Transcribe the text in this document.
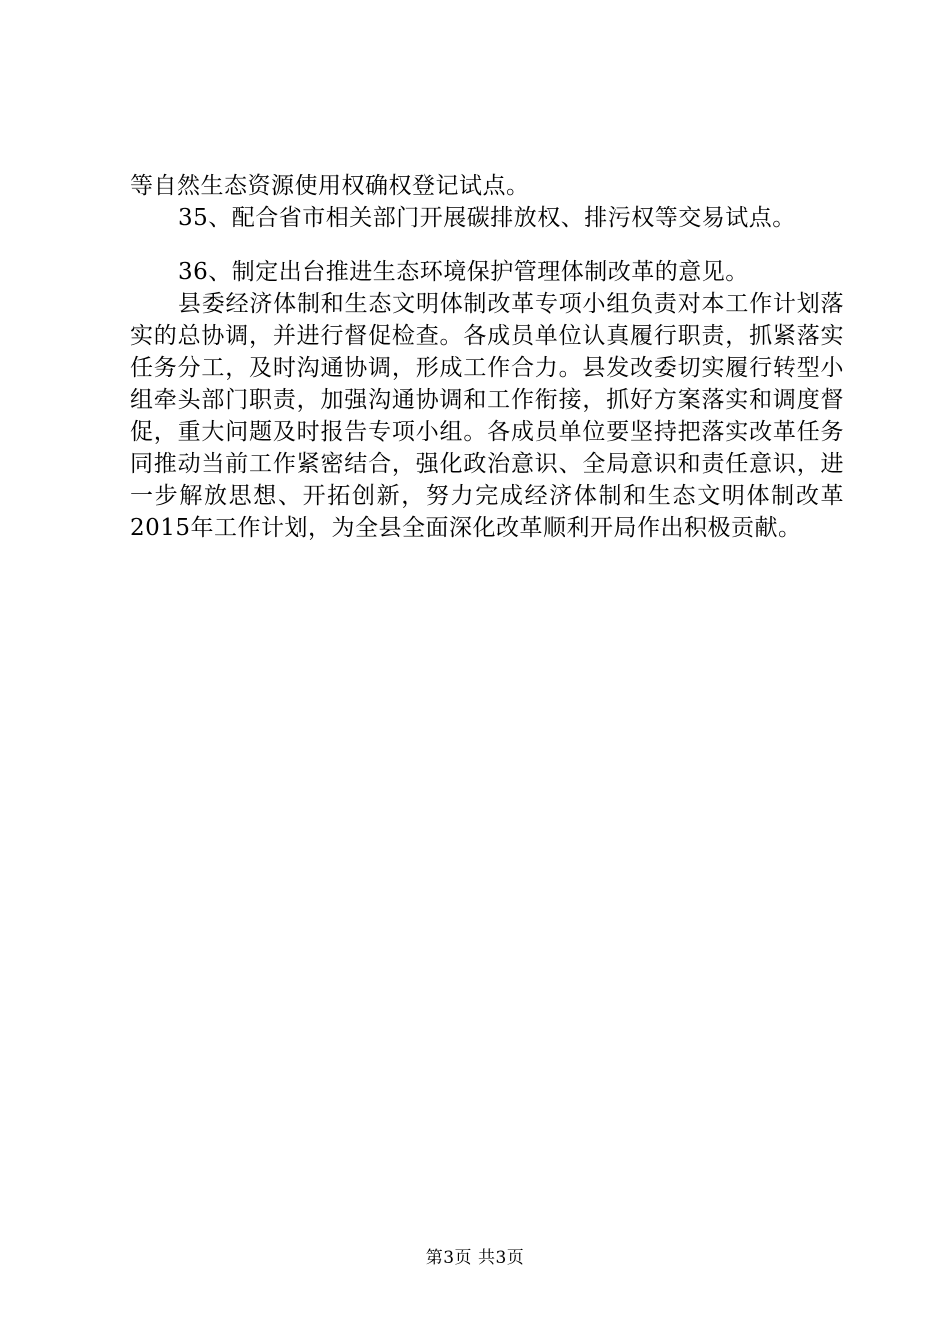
等自然生态资源使用权确权登记试点。

35、配合省市相关部门开展碳排放权、排污权等交易试点。

36、制定出台推进生态环境保护管理体制改革的意见。

县委经济体制和生态文明体制改革专项小组负责对本工作计划落实的总协调，并进行督促检查。各成员单位认真履行职责，抓紧落实任务分工，及时沟通协调，形成工作合力。县发改委切实履行转型小组牵头部门职责，加强沟通协调和工作衔接，抓好方案落实和调度督促，重大问题及时报告专项小组。各成员单位要坚持把落实改革任务同推动当前工作紧密结合，强化政治意识、全局意识和责任意识，进一步解放思想、开拓创新，努力完成经济体制和生态文明体制改革2015年工作计划，为全县全面深化改革顺利开局作出积极贡献。

第3页 共3页
